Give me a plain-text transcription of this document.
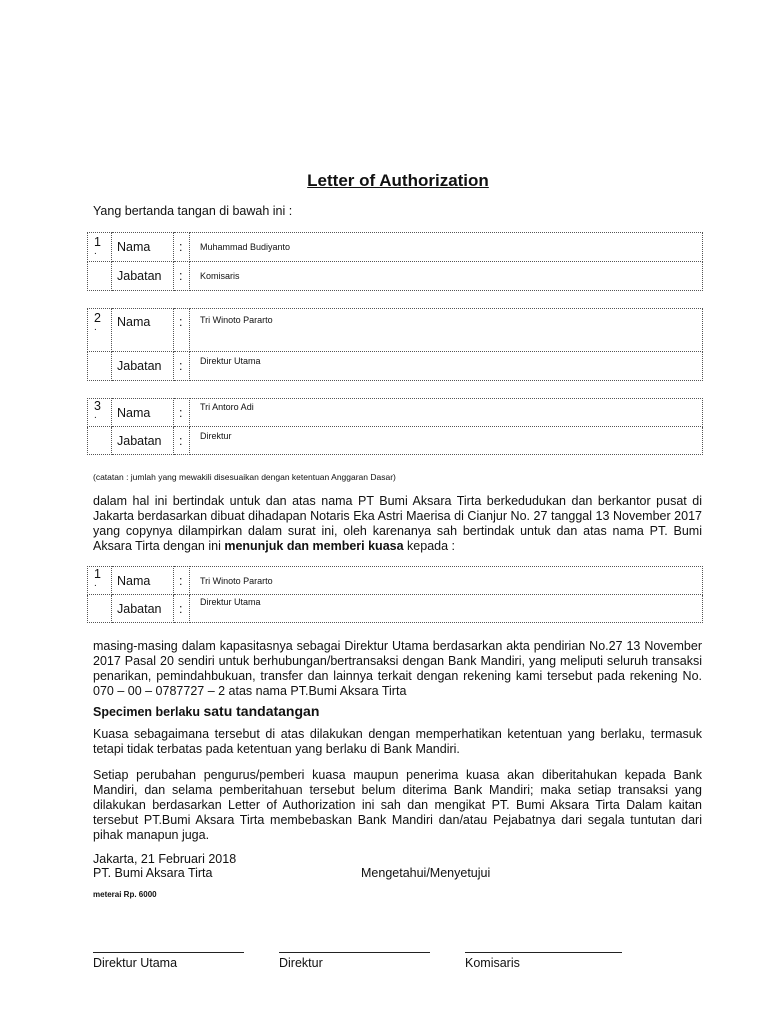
Letter of Authorization
Yang bertanda tangan di bawah ini :
1
.	Nama	:	Muhammad Budiyanto
	Jabatan	:	Komisaris
2
.	Nama	:	Tri Winoto Pararto
	Jabatan	:	Direktur Utama
3
.	Nama	:	Tri Antoro Adi
	Jabatan	:	Direktur
(catatan : jumlah yang mewakili disesuaikan dengan ketentuan Anggaran Dasar)
dalam hal ini bertindak untuk dan atas nama PT Bumi Aksara Tirta berkedudukan dan berkantor pusat di Jakarta berdasarkan dibuat dihadapan Notaris Eka Astri Maerisa di Cianjur No. 27 tanggal 13 November 2017 yang copynya dilampirkan dalam surat ini, oleh karenanya sah bertindak untuk dan atas nama PT. Bumi Aksara Tirta dengan ini menunjuk dan memberi kuasa kepada :
1
.	Nama	:	Tri Winoto Pararto
	Jabatan	:	Direktur Utama
masing-masing dalam kapasitasnya sebagai Direktur Utama berdasarkan akta pendirian No.27 13 November 2017 Pasal 20 sendiri untuk berhubungan/bertransaksi dengan Bank Mandiri, yang meliputi seluruh transaksi penarikan, pemindahbukuan, transfer dan lainnya terkait dengan rekening kami tersebut pada rekening No. 070 – 00 – 0787727 – 2 atas nama PT.Bumi Aksara Tirta
Specimen berlaku satu tandatangan
Kuasa sebagaimana tersebut di atas dilakukan dengan memperhatikan ketentuan yang berlaku, termasuk tetapi tidak terbatas pada ketentuan yang berlaku di Bank Mandiri.
Setiap perubahan pengurus/pemberi kuasa maupun penerima kuasa akan diberitahukan kepada Bank Mandiri, dan selama pemberitahuan tersebut belum diterima Bank Mandiri; maka setiap transaksi yang dilakukan berdasarkan Letter of Authorization ini sah dan mengikat PT. Bumi Aksara Tirta Dalam kaitan tersebut PT.Bumi Aksara Tirta membebaskan Bank Mandiri dan/atau Pejabatnya dari segala tuntutan dari pihak manapun juga.
Jakarta, 21 Februari 2018
PT. Bumi Aksara Tirta	Mengetahui/Menyetujui
meterai Rp. 6000
Direktur Utama	Direktur	Komisaris
